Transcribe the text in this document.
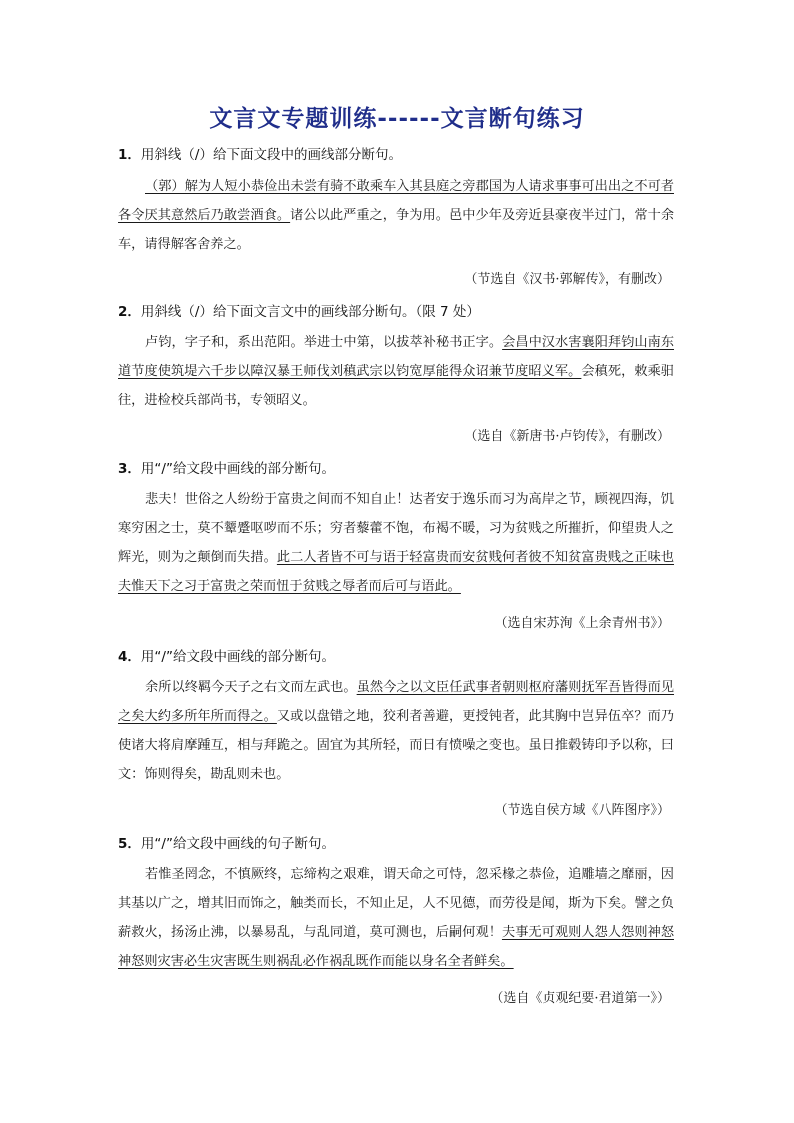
文言文专题训练------文言断句练习
1．用斜线（/）给下面文段中的画线部分断句。
（郭）解为人短小恭俭出未尝有骑不敢乘车入其县庭之旁郡国为人请求事事可出出之不可者各令厌其意然后乃敢尝酒食。诸公以此严重之，争为用。邑中少年及旁近县豪夜半过门，常十余车，请得解客舍养之。
（节选自《汉书·郭解传》，有删改）
2．用斜线（/）给下面文言文中的画线部分断句。（限 7 处）
卢钧，字子和，系出范阳。举进士中第，以拔萃补秘书正字。会昌中汉水害襄阳拜钧山南东道节度使筑堤六千步以障汉暴王师伐刘稹武宗以钧宽厚能得众诏兼节度昭义军。会稹死，敕乘驲往，进检校兵部尚书，专领昭义。
（选自《新唐书·卢钧传》，有删改）
3．用“/”给文段中画线的部分断句。
悲夫！世俗之人纷纷于富贵之间而不知自止！达者安于逸乐而习为高岸之节，顾视四海，饥寒穷困之士，莫不颦蹙呕哕而不乐；穷者藜藿不饱，布褐不暖，习为贫贱之所摧折，仰望贵人之辉光，则为之颠倒而失措。此二人者皆不可与语于轻富贵而安贫贱何者彼不知贫富贵贱之正味也夫惟天下之习于富贵之荣而忸于贫贱之辱者而后可与语此。
（选自宋苏洵《上余青州书》）
4．用“/”给文段中画线的部分断句。
余所以终羁今天子之右文而左武也。虽然今之以文臣任武事者朝则枢府藩则抚军吾皆得而见之矣大约多所年所而得之。又或以盘错之地，狡利者善避，更授钝者，此其胸中岂异伍卒？而乃使诸大将肩摩踵互，相与拜跪之。固宜为其所轻，而日有愤噪之变也。虽日推毂铸印予以称，曰文：饰则得矣，勘乱则未也。
（节选自侯方域《八阵图序》）
5．用“/”给文段中画线的句子断句。
若惟圣罔念，不慎厥终，忘缔构之艰难，谓天命之可恃，忽采椽之恭俭，追雕墙之靡丽，因其基以广之，增其旧而饰之，触类而长，不知止足，人不见德，而劳役是闻，斯为下矣。譬之负薪救火，扬汤止沸，以暴易乱，与乱同道，莫可测也，后嗣何观！夫事无可观则人怨人怨则神怒神怒则灾害必生灾害既生则祸乱必作祸乱既作而能以身名全者鲜矣。
（选自《贞观纪要·君道第一》）
